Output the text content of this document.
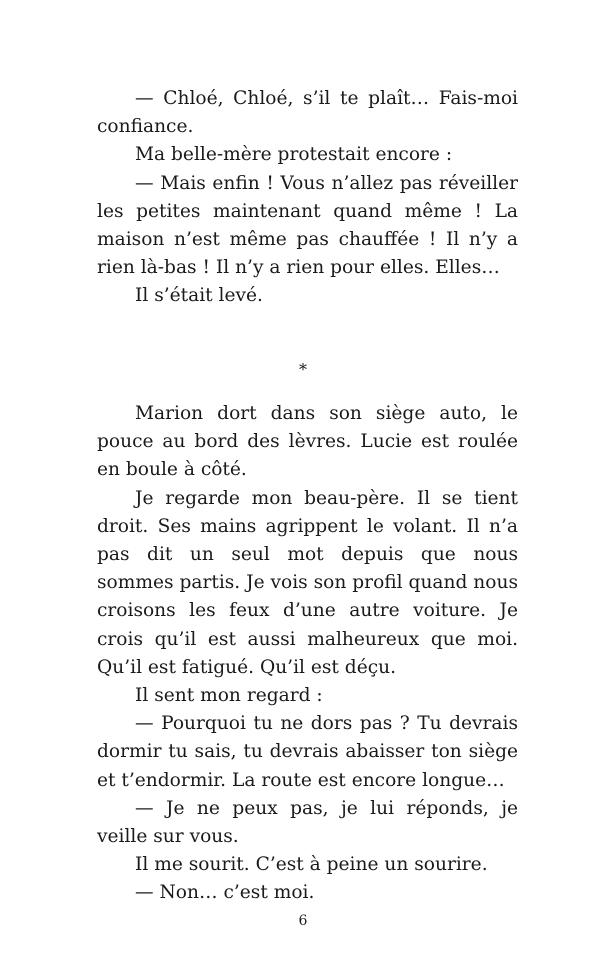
— Chloé, Chloé, s’il te plaît… Fais-moi confiance.

Ma belle-mère protestait encore :

— Mais enfin ! Vous n’allez pas réveiller les petites maintenant quand même ! La maison n’est même pas chauffée ! Il n’y a rien là-bas ! Il n’y a rien pour elles. Elles…

Il s’était levé.

*

Marion dort dans son siège auto, le pouce au bord des lèvres. Lucie est roulée en boule à côté.

Je regarde mon beau-père. Il se tient droit. Ses mains agrippent le volant. Il n’a pas dit un seul mot depuis que nous sommes partis. Je vois son profil quand nous croisons les feux d’une autre voiture. Je crois qu’il est aussi malheureux que moi. Qu’il est fatigué. Qu’il est déçu.

Il sent mon regard :

— Pourquoi tu ne dors pas ? Tu devrais dormir tu sais, tu devrais abaisser ton siège et t’endormir. La route est encore longue…

— Je ne peux pas, je lui réponds, je veille sur vous.

Il me sourit. C’est à peine un sourire.

— Non… c’est moi.

6
